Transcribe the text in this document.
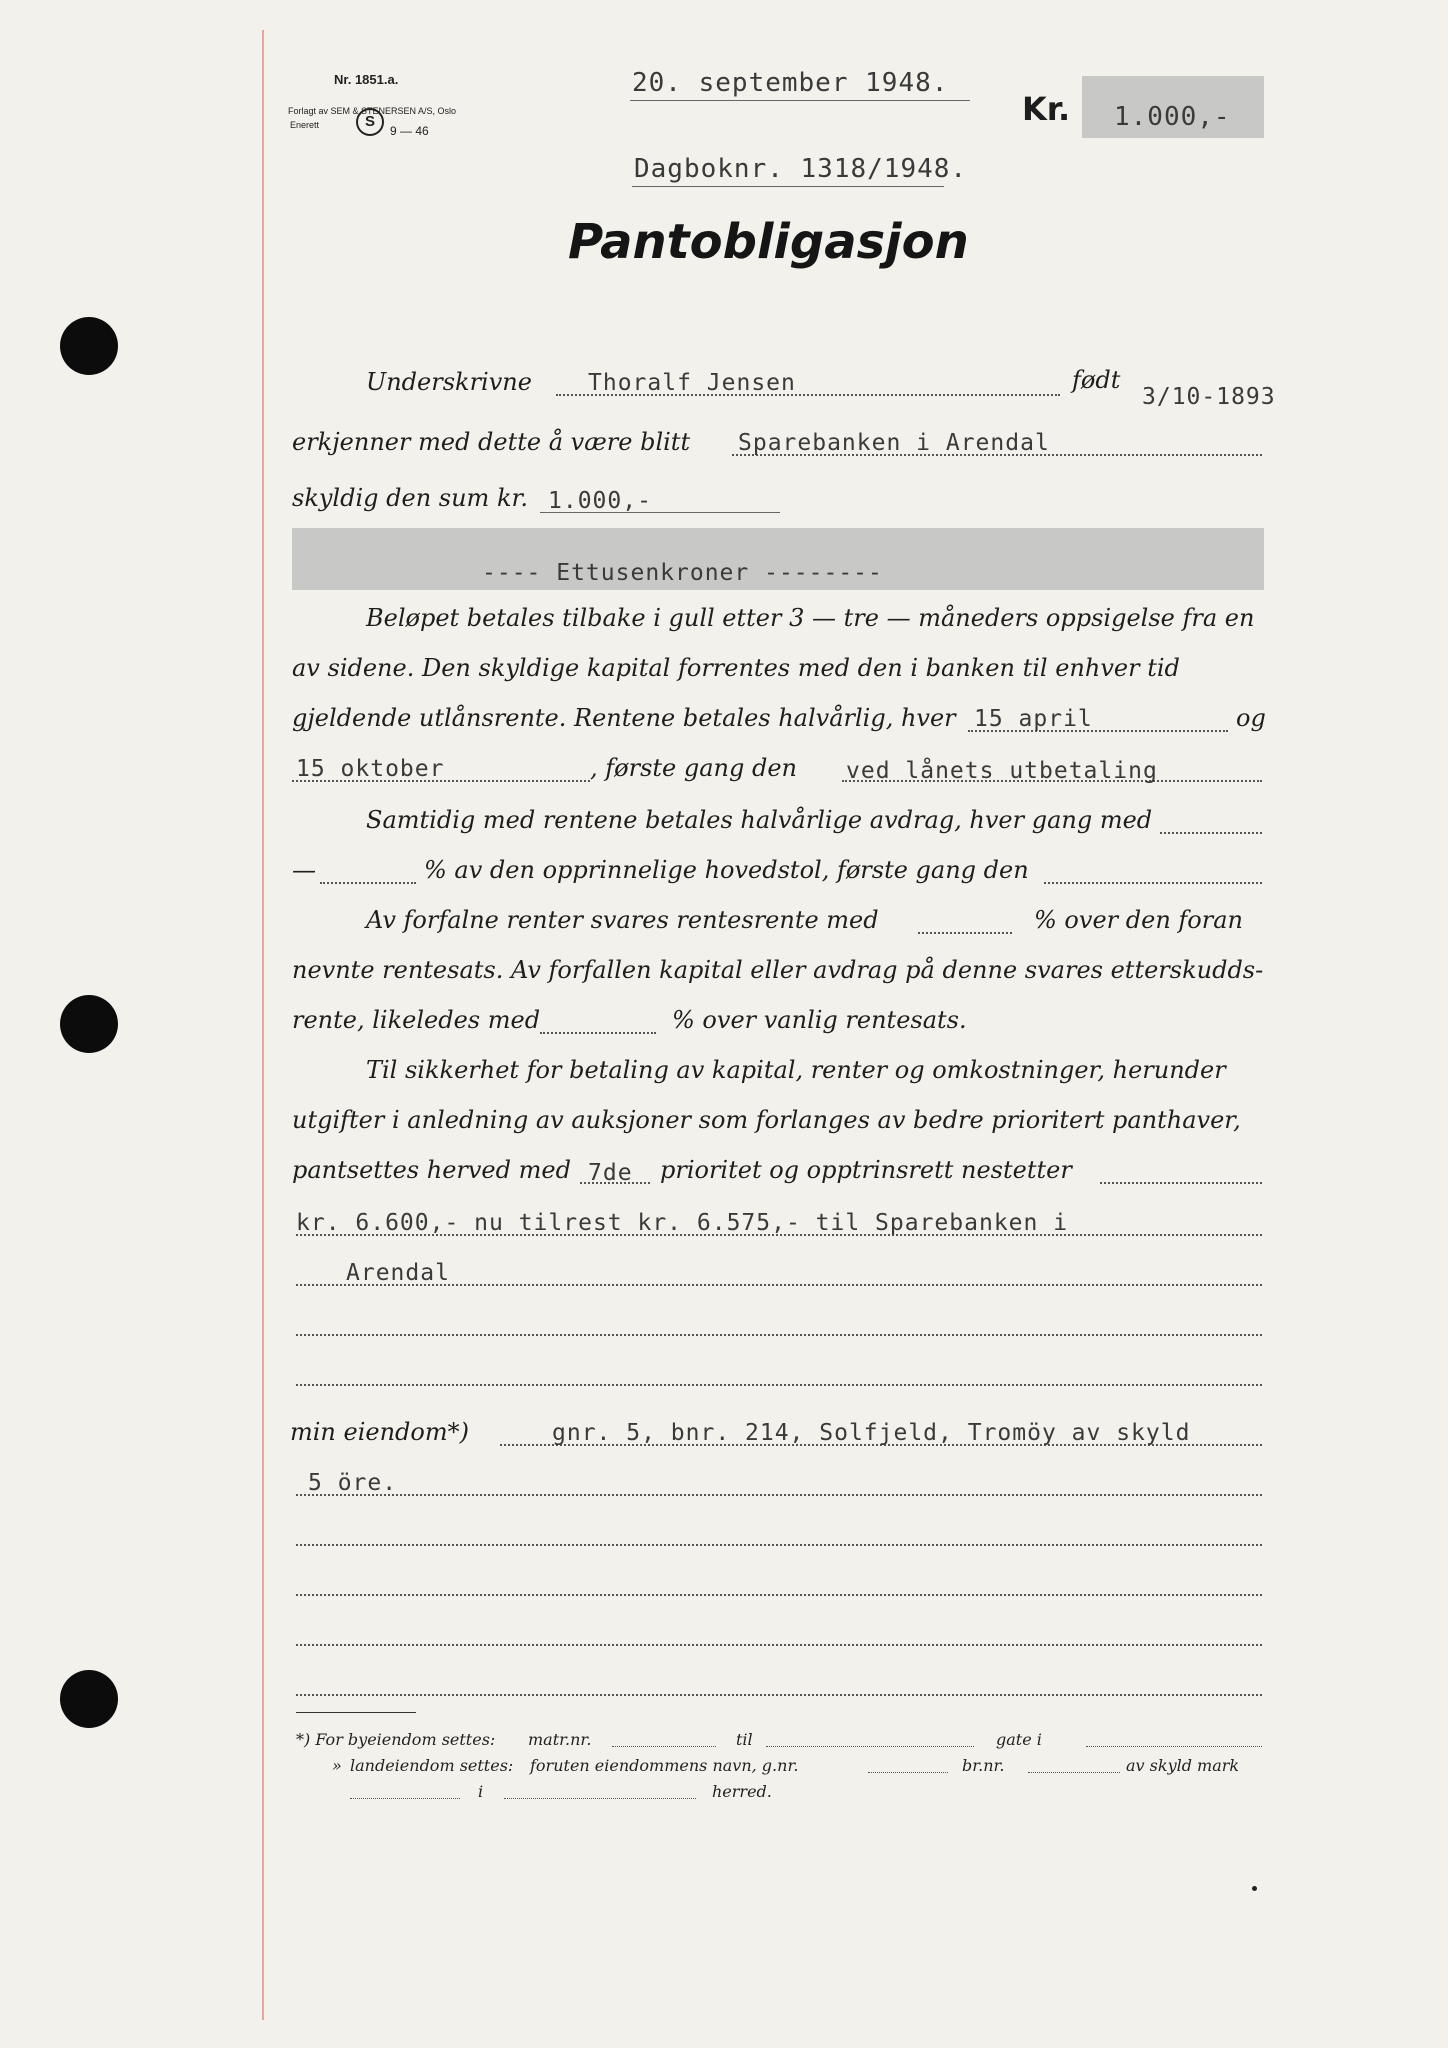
Nr. 1851.a.
Forlagt av SEM & STENERSEN A/S, Oslo
Enerett	S
9 — 46
20. september 1948.
Kr. 1.000,-
Dagboknr. 1318/1948.
Pantobligasjon
Underskrivne Thoralf Jensen	født
3/10-1893
erkjenner med dette å være blitt Sparebanken i Arendal
skyldig den sum kr. 1.000,-
---- Ettusenkroner --------
Beløpet betales tilbake i gull etter 3 — tre — måneders oppsigelse fra en
av sidene. Den skyldige kapital forrentes med den i banken til enhver tid
gjeldende utlånsrente. Rentene betales halvårlig, hver 15 april	og
15 oktober	, første gang den ved lånets utbetaling
Samtidig med rentene betales halvårlige avdrag, hver gang med
—	% av den opprinnelige hovedstol, første gang den
Av forfalne renter svares rentesrente med	% over den foran
nevnte rentesats. Av forfallen kapital eller avdrag på denne svares etterskudds-
rente, likeledes med	% over vanlig rentesats.
Til sikkerhet for betaling av kapital, renter og omkostninger, herunder
utgifter i anledning av auksjoner som forlanges av bedre prioritert panthaver,
pantsettes herved med 7de prioritet og opptrinsrett nestetter
kr. 6.600,- nu tilrest kr. 6.575,- til Sparebanken i
Arendal
min eiendom*)	gnr. 5, bnr. 214, Solfjeld, Tromöy av skyld
5 öre.
*) For byeiendom settes: matr.nr.	til	gate i
» landeiendom settes: foruten eiendommens navn, g.nr.	br.nr.	av skyld mark
i	herred.
